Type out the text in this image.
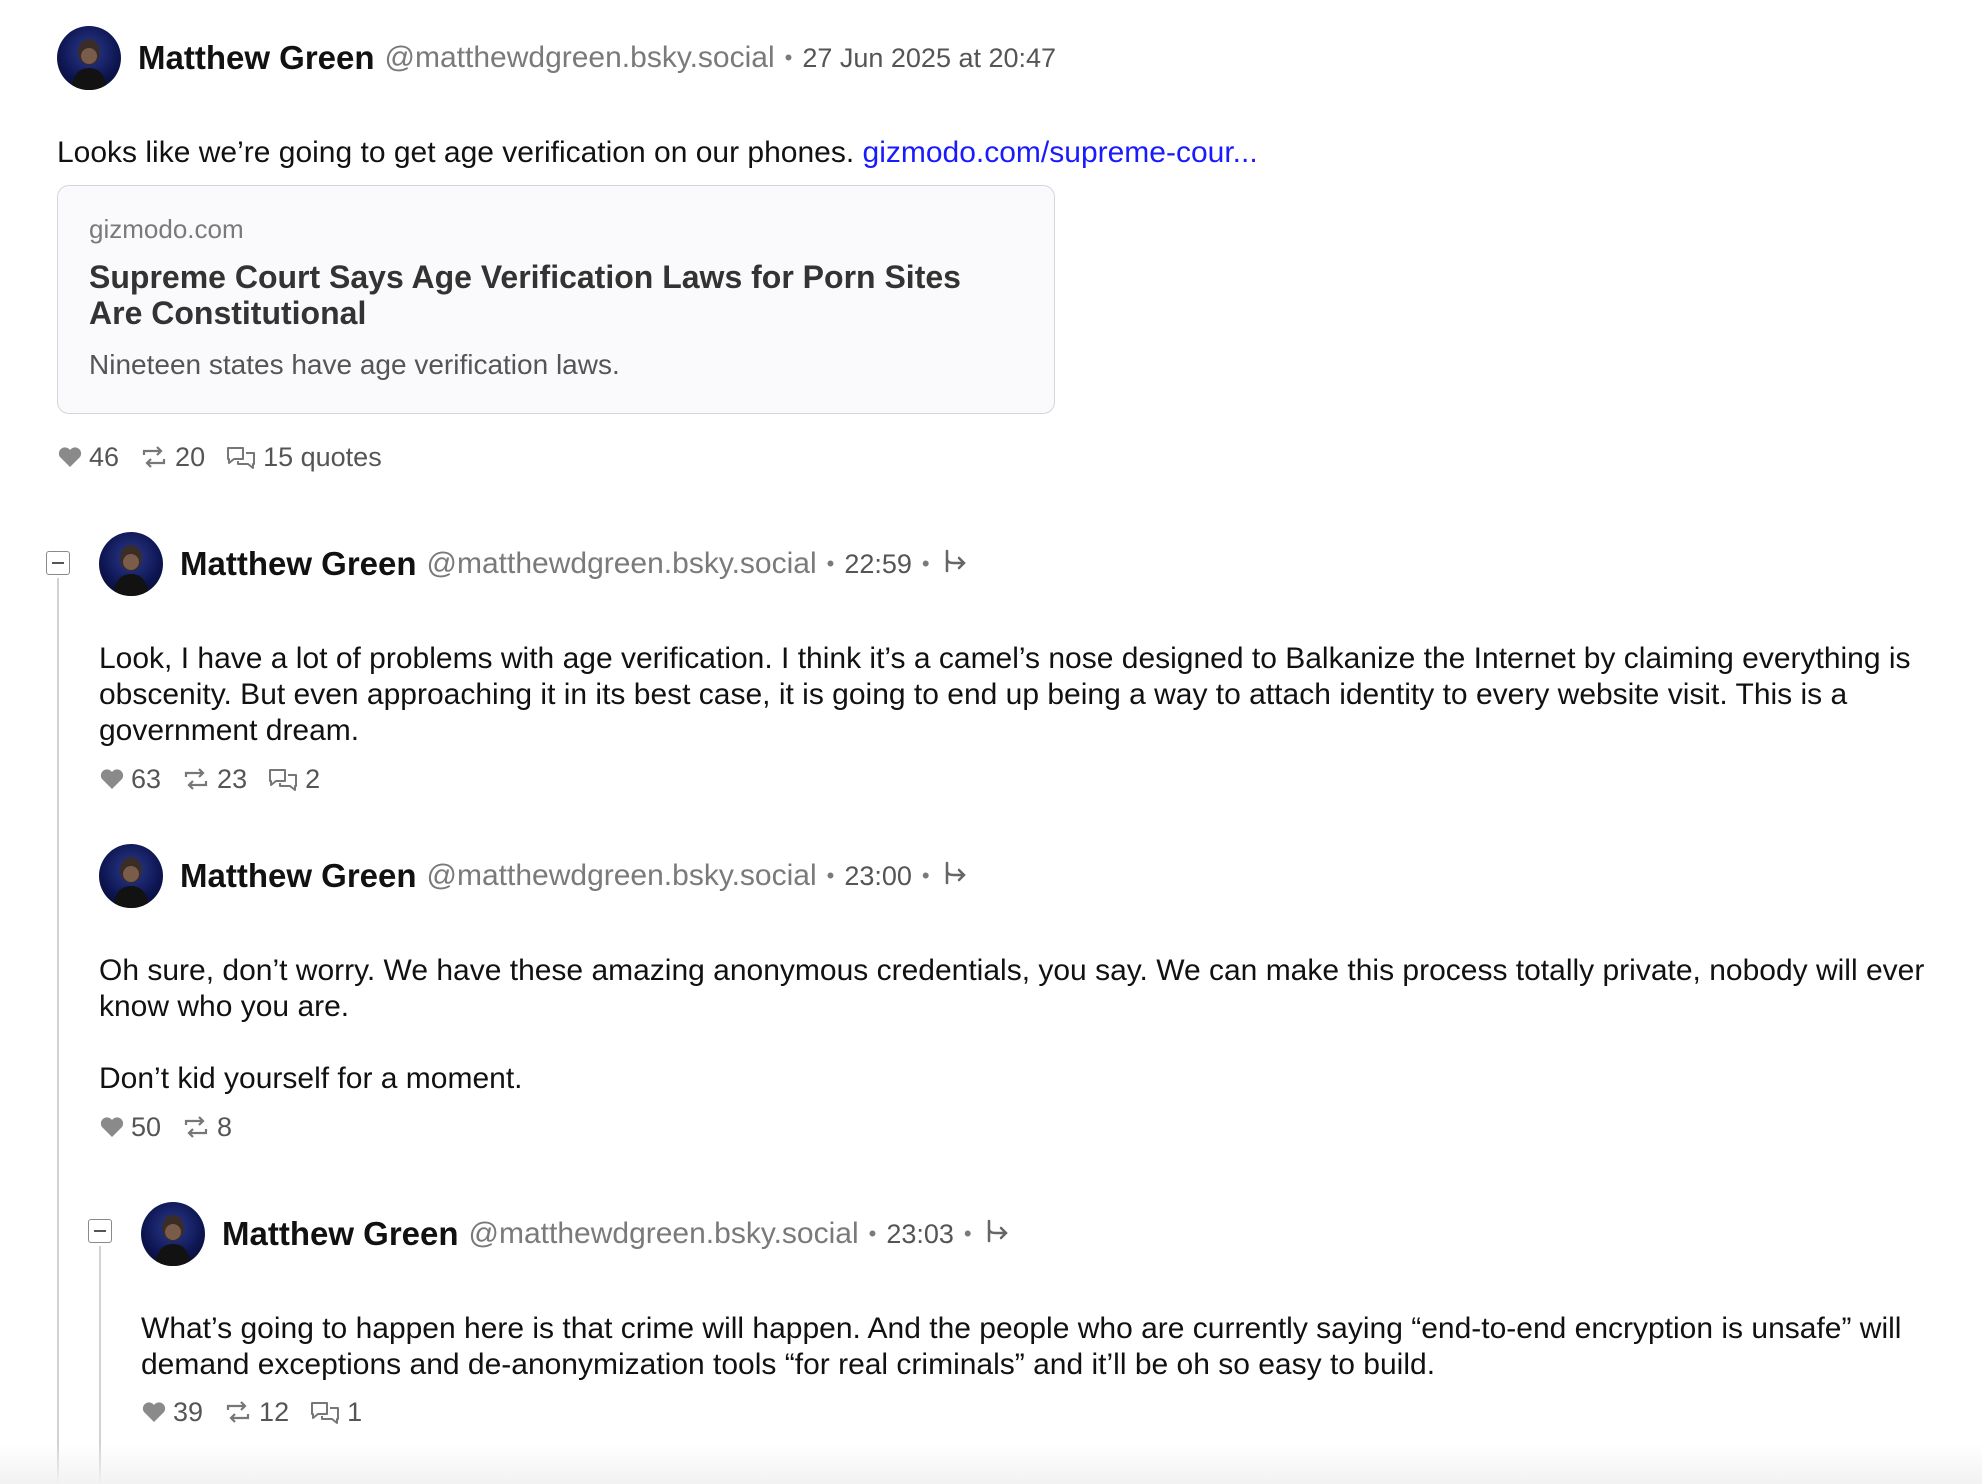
Matthew Green @matthewdgreen.bsky.social • 27 Jun 2025 at 20:47
Looks like we’re going to get age verification on our phones. gizmodo.com/supreme-cour...
gizmodo.com
Supreme Court Says Age Verification Laws for Porn Sites Are Constitutional
Nineteen states have age verification laws.
46 20 15 quotes
Matthew Green @matthewdgreen.bsky.social • 22:59 •
Look, I have a lot of problems with age verification. I think it’s a camel’s nose designed to Balkanize the Internet by claiming everything is obscenity. But even approaching it in its best case, it is going to end up being a way to attach identity to every website visit. This is a government dream.
63 23 2
Matthew Green @matthewdgreen.bsky.social • 23:00 •
Oh sure, don’t worry. We have these amazing anonymous credentials, you say. We can make this process totally private, nobody will ever know who you are.

Don’t kid yourself for a moment.
50 8
Matthew Green @matthewdgreen.bsky.social • 23:03 •
What’s going to happen here is that crime will happen. And the people who are currently saying “end-to-end encryption is unsafe” will demand exceptions and de-anonymization tools “for real criminals” and it’ll be oh so easy to build.
39 12 1
